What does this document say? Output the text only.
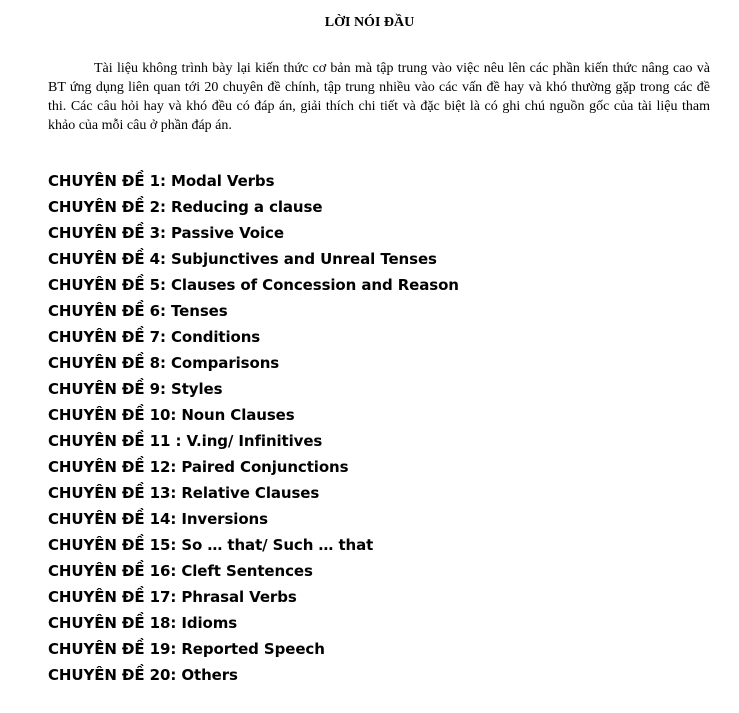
LỜI NÓI ĐẦU

Tài liệu không trình bày lại kiến thức cơ bản mà tập trung vào việc nêu lên các phần kiến thức nâng cao và BT ứng dụng liên quan tới 20 chuyên đề chính, tập trung nhiều vào các vấn đề hay và khó thường gặp trong các đề thi. Các câu hỏi hay và khó đều có đáp án, giải thích chi tiết và đặc biệt là có ghi chú nguồn gốc của tài liệu tham khảo của mỗi câu ở phần đáp án.

CHUYÊN ĐỀ 1: Modal Verbs
CHUYÊN ĐỀ 2: Reducing a clause
CHUYÊN ĐỀ 3: Passive Voice
CHUYÊN ĐỀ 4: Subjunctives and Unreal Tenses
CHUYÊN ĐỀ 5: Clauses of Concession and Reason
CHUYÊN ĐỀ 6: Tenses
CHUYÊN ĐỀ 7: Conditions
CHUYÊN ĐỀ 8: Comparisons
CHUYÊN ĐỀ 9: Styles
CHUYÊN ĐỀ 10: Noun Clauses
CHUYÊN ĐỀ 11 : V.ing/ Infinitives
CHUYÊN ĐỀ 12: Paired Conjunctions
CHUYÊN ĐỀ 13: Relative Clauses
CHUYÊN ĐỀ 14: Inversions
CHUYÊN ĐỀ 15: So … that/ Such … that
CHUYÊN ĐỀ 16: Cleft Sentences
CHUYÊN ĐỀ 17: Phrasal Verbs
CHUYÊN ĐỀ 18: Idioms
CHUYÊN ĐỀ 19: Reported Speech
CHUYÊN ĐỀ 20: Others
